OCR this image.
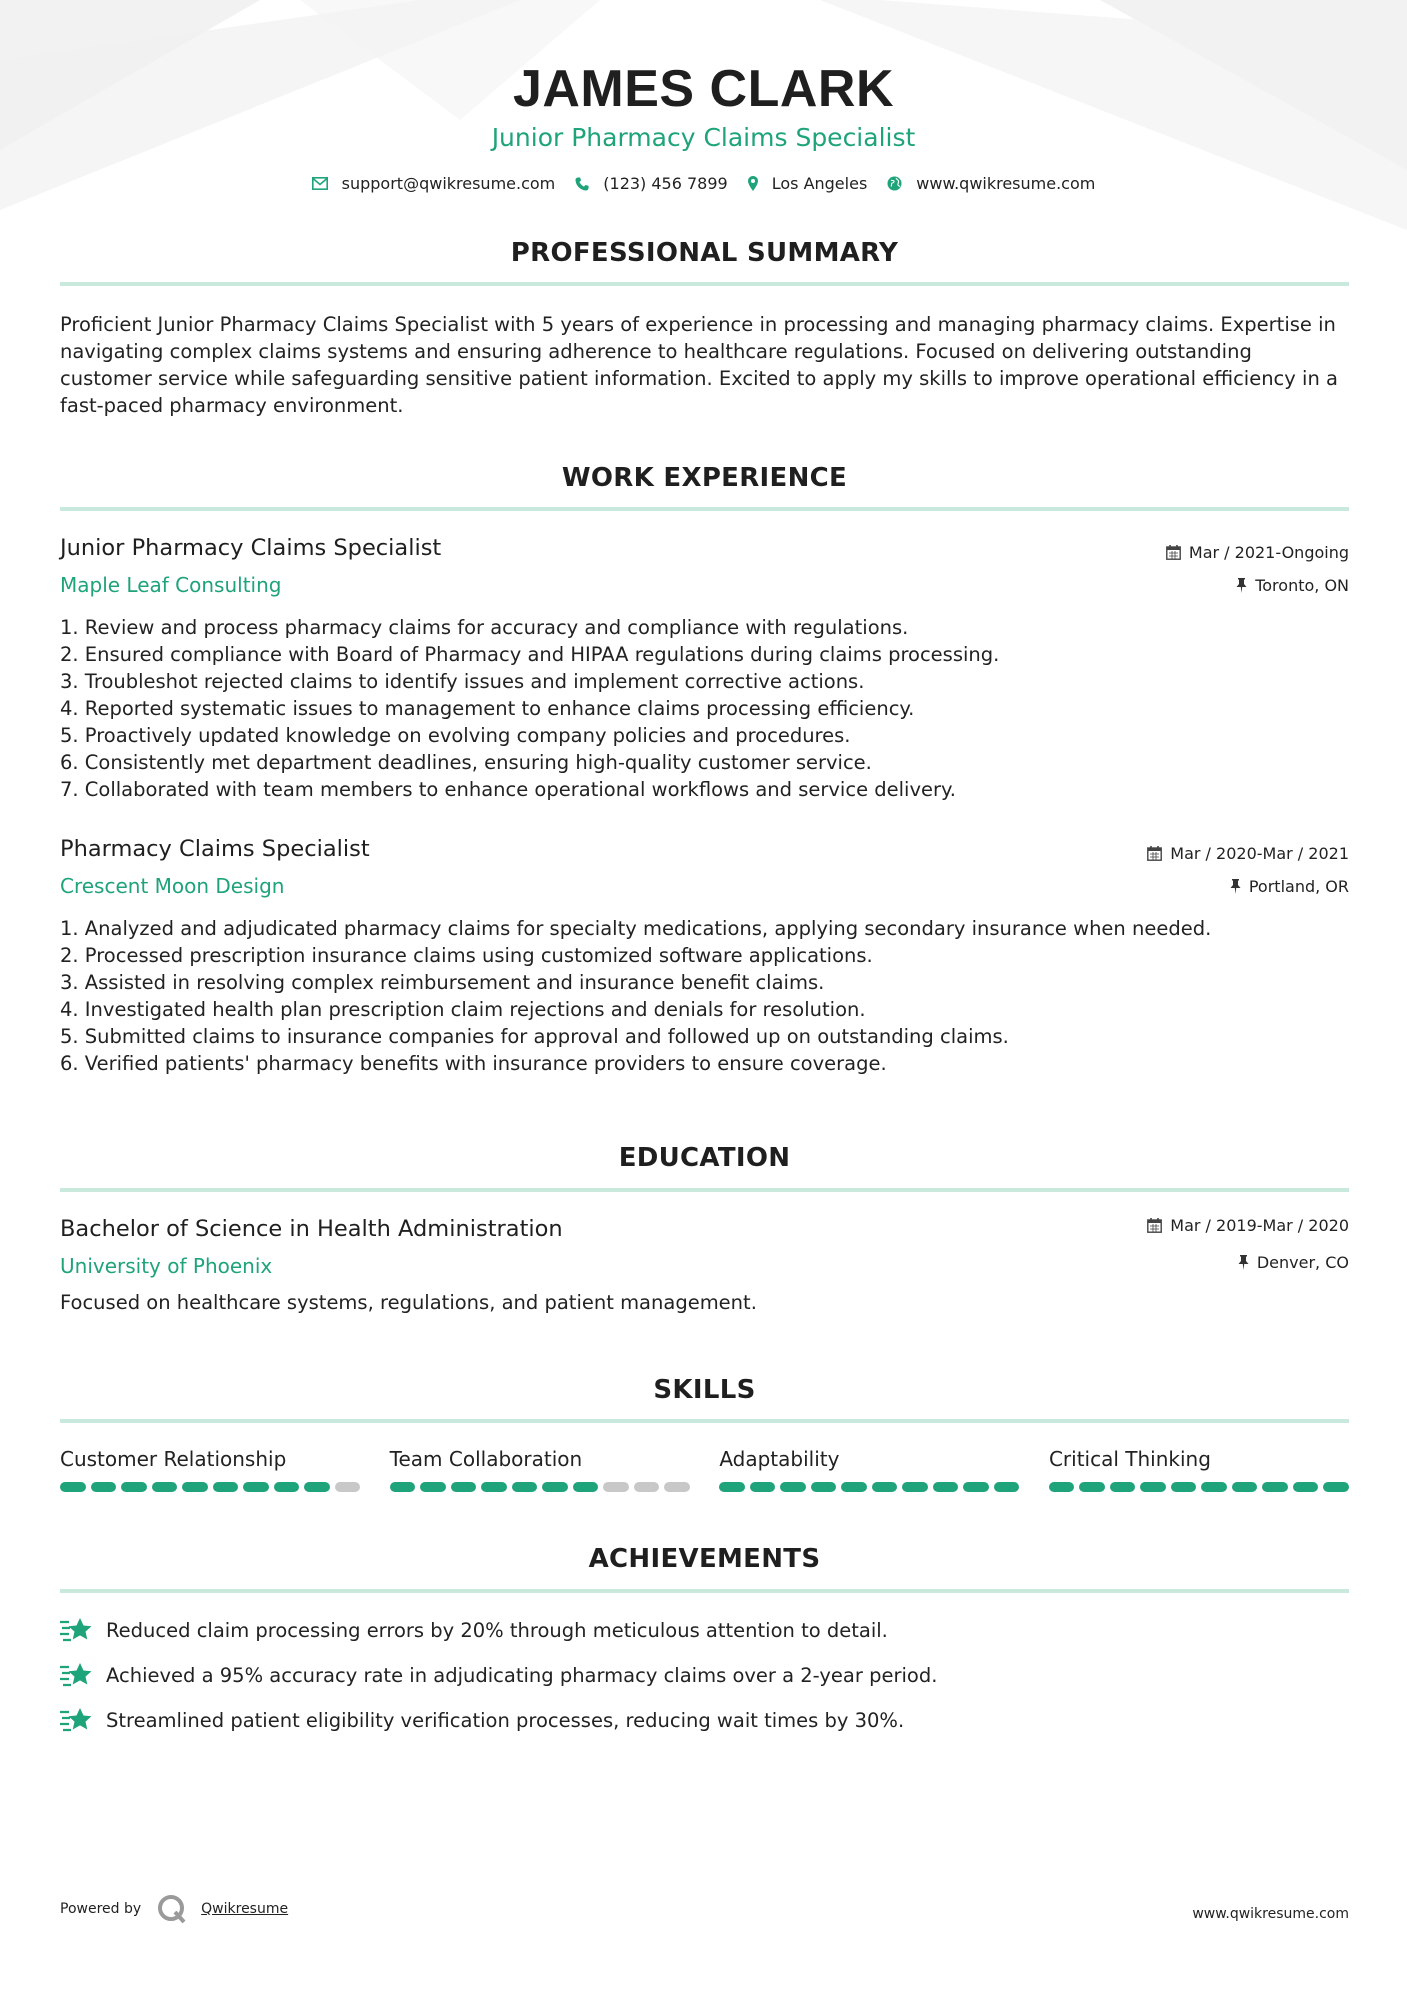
JAMES CLARK
Junior Pharmacy Claims Specialist
support@qwikresume.com	(123) 456 7899	Los Angeles	www.qwikresume.com
PROFESSIONAL SUMMARY
Proficient Junior Pharmacy Claims Specialist with 5 years of experience in processing and managing pharmacy claims. Expertise in navigating complex claims systems and ensuring adherence to healthcare regulations. Focused on delivering outstanding customer service while safeguarding sensitive patient information. Excited to apply my skills to improve operational efficiency in a fast-paced pharmacy environment.
WORK EXPERIENCE
Junior Pharmacy Claims Specialist	Mar / 2021-Ongoing
Maple Leaf Consulting	Toronto, ON
1. Review and process pharmacy claims for accuracy and compliance with regulations.
2. Ensured compliance with Board of Pharmacy and HIPAA regulations during claims processing.
3. Troubleshot rejected claims to identify issues and implement corrective actions.
4. Reported systematic issues to management to enhance claims processing efficiency.
5. Proactively updated knowledge on evolving company policies and procedures.
6. Consistently met department deadlines, ensuring high-quality customer service.
7. Collaborated with team members to enhance operational workflows and service delivery.
Pharmacy Claims Specialist	Mar / 2020-Mar / 2021
Crescent Moon Design	Portland, OR
1. Analyzed and adjudicated pharmacy claims for specialty medications, applying secondary insurance when needed.
2. Processed prescription insurance claims using customized software applications.
3. Assisted in resolving complex reimbursement and insurance benefit claims.
4. Investigated health plan prescription claim rejections and denials for resolution.
5. Submitted claims to insurance companies for approval and followed up on outstanding claims.
6. Verified patients' pharmacy benefits with insurance providers to ensure coverage.
EDUCATION
Bachelor of Science in Health Administration	Mar / 2019-Mar / 2020
University of Phoenix	Denver, CO
Focused on healthcare systems, regulations, and patient management.
SKILLS
Customer Relationship	Team Collaboration	Adaptability	Critical Thinking
ACHIEVEMENTS
Reduced claim processing errors by 20% through meticulous attention to detail.
Achieved a 95% accuracy rate in adjudicating pharmacy claims over a 2-year period.
Streamlined patient eligibility verification processes, reducing wait times by 30%.
Powered by	Qwikresume	www.qwikresume.com
